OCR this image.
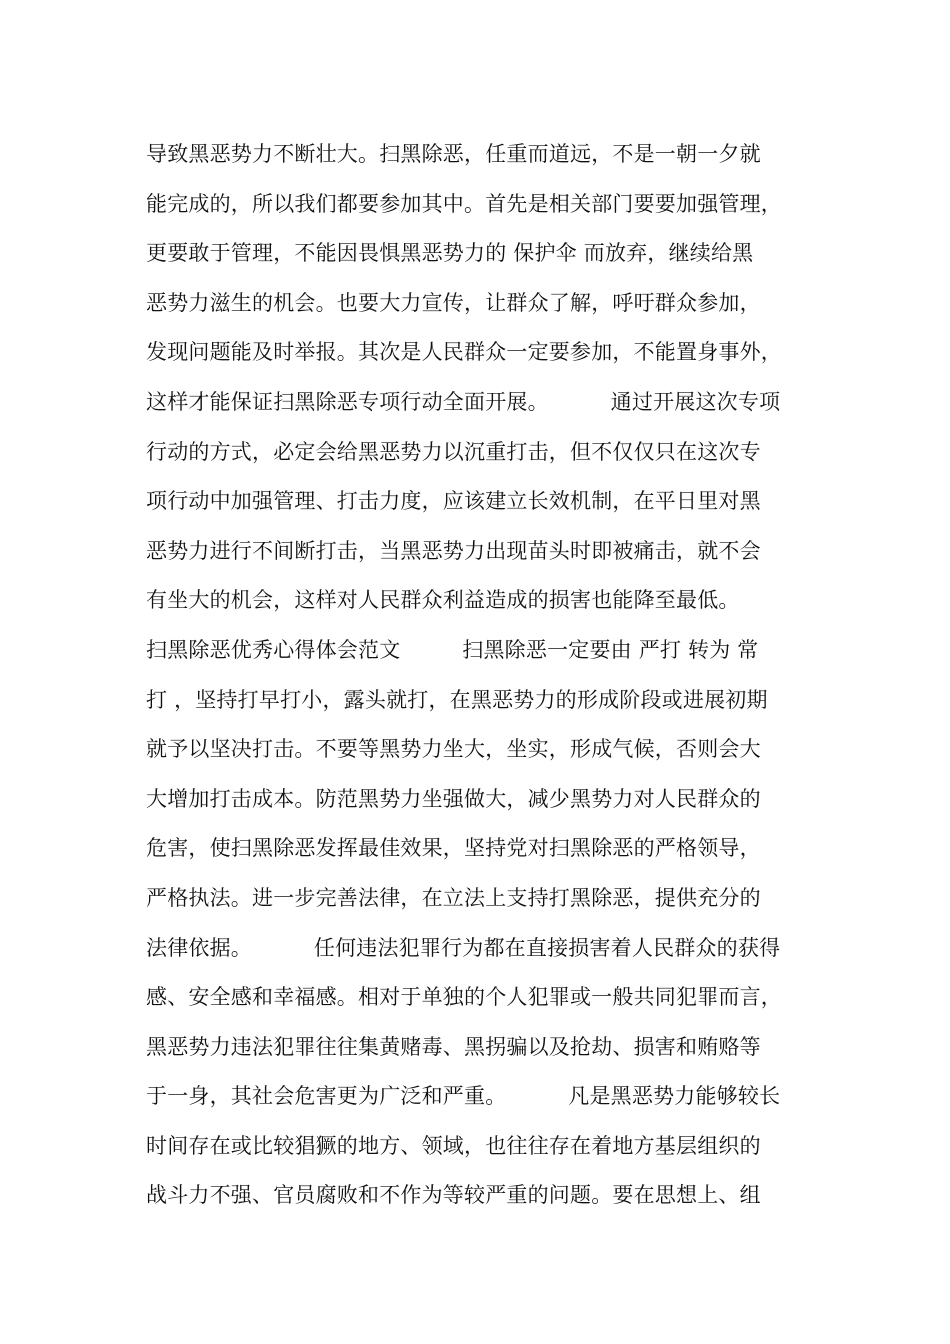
导致黑恶势力不断壮大。扫黑除恶，任重而道远，不是一朝一夕就
能完成的，所以我们都要参加其中。首先是相关部门要要加强管理，
更要敢于管理，不能因畏惧黑恶势力的 保护伞 而放弃，继续给黑
恶势力滋生的机会。也要大力宣传，让群众了解，呼吁群众参加，
发现问题能及时举报。其次是人民群众一定要参加，不能置身事外，
这样才能保证扫黑除恶专项行动全面开展。         通过开展这次专项
行动的方式，必定会给黑恶势力以沉重打击，但不仅仅只在这次专
项行动中加强管理、打击力度，应该建立长效机制，在平日里对黑
恶势力进行不间断打击，当黑恶势力出现苗头时即被痛击，就不会
有坐大的机会，这样对人民群众利益造成的损害也能降至最低。
扫黑除恶优秀心得体会范文         扫黑除恶一定要由 严打 转为 常
打 ，坚持打早打小，露头就打，在黑恶势力的形成阶段或进展初期
就予以坚决打击。不要等黑势力坐大，坐实，形成气候，否则会大
大增加打击成本。防范黑势力坐强做大，减少黑势力对人民群众的
危害，使扫黑除恶发挥最佳效果，坚持党对扫黑除恶的严格领导，
严格执法。进一步完善法律，在立法上支持打黑除恶，提供充分的
法律依据。         任何违法犯罪行为都在直接损害着人民群众的获得
感、安全感和幸福感。相对于单独的个人犯罪或一般共同犯罪而言，
黑恶势力违法犯罪往往集黄赌毒、黑拐骗以及抢劫、损害和贿赂等
于一身，其社会危害更为广泛和严重。         凡是黑恶势力能够较长
时间存在或比较猖獗的地方、领域，也往往存在着地方基层组织的
战斗力不强、官员腐败和不作为等较严重的问题。要在思想上、组
